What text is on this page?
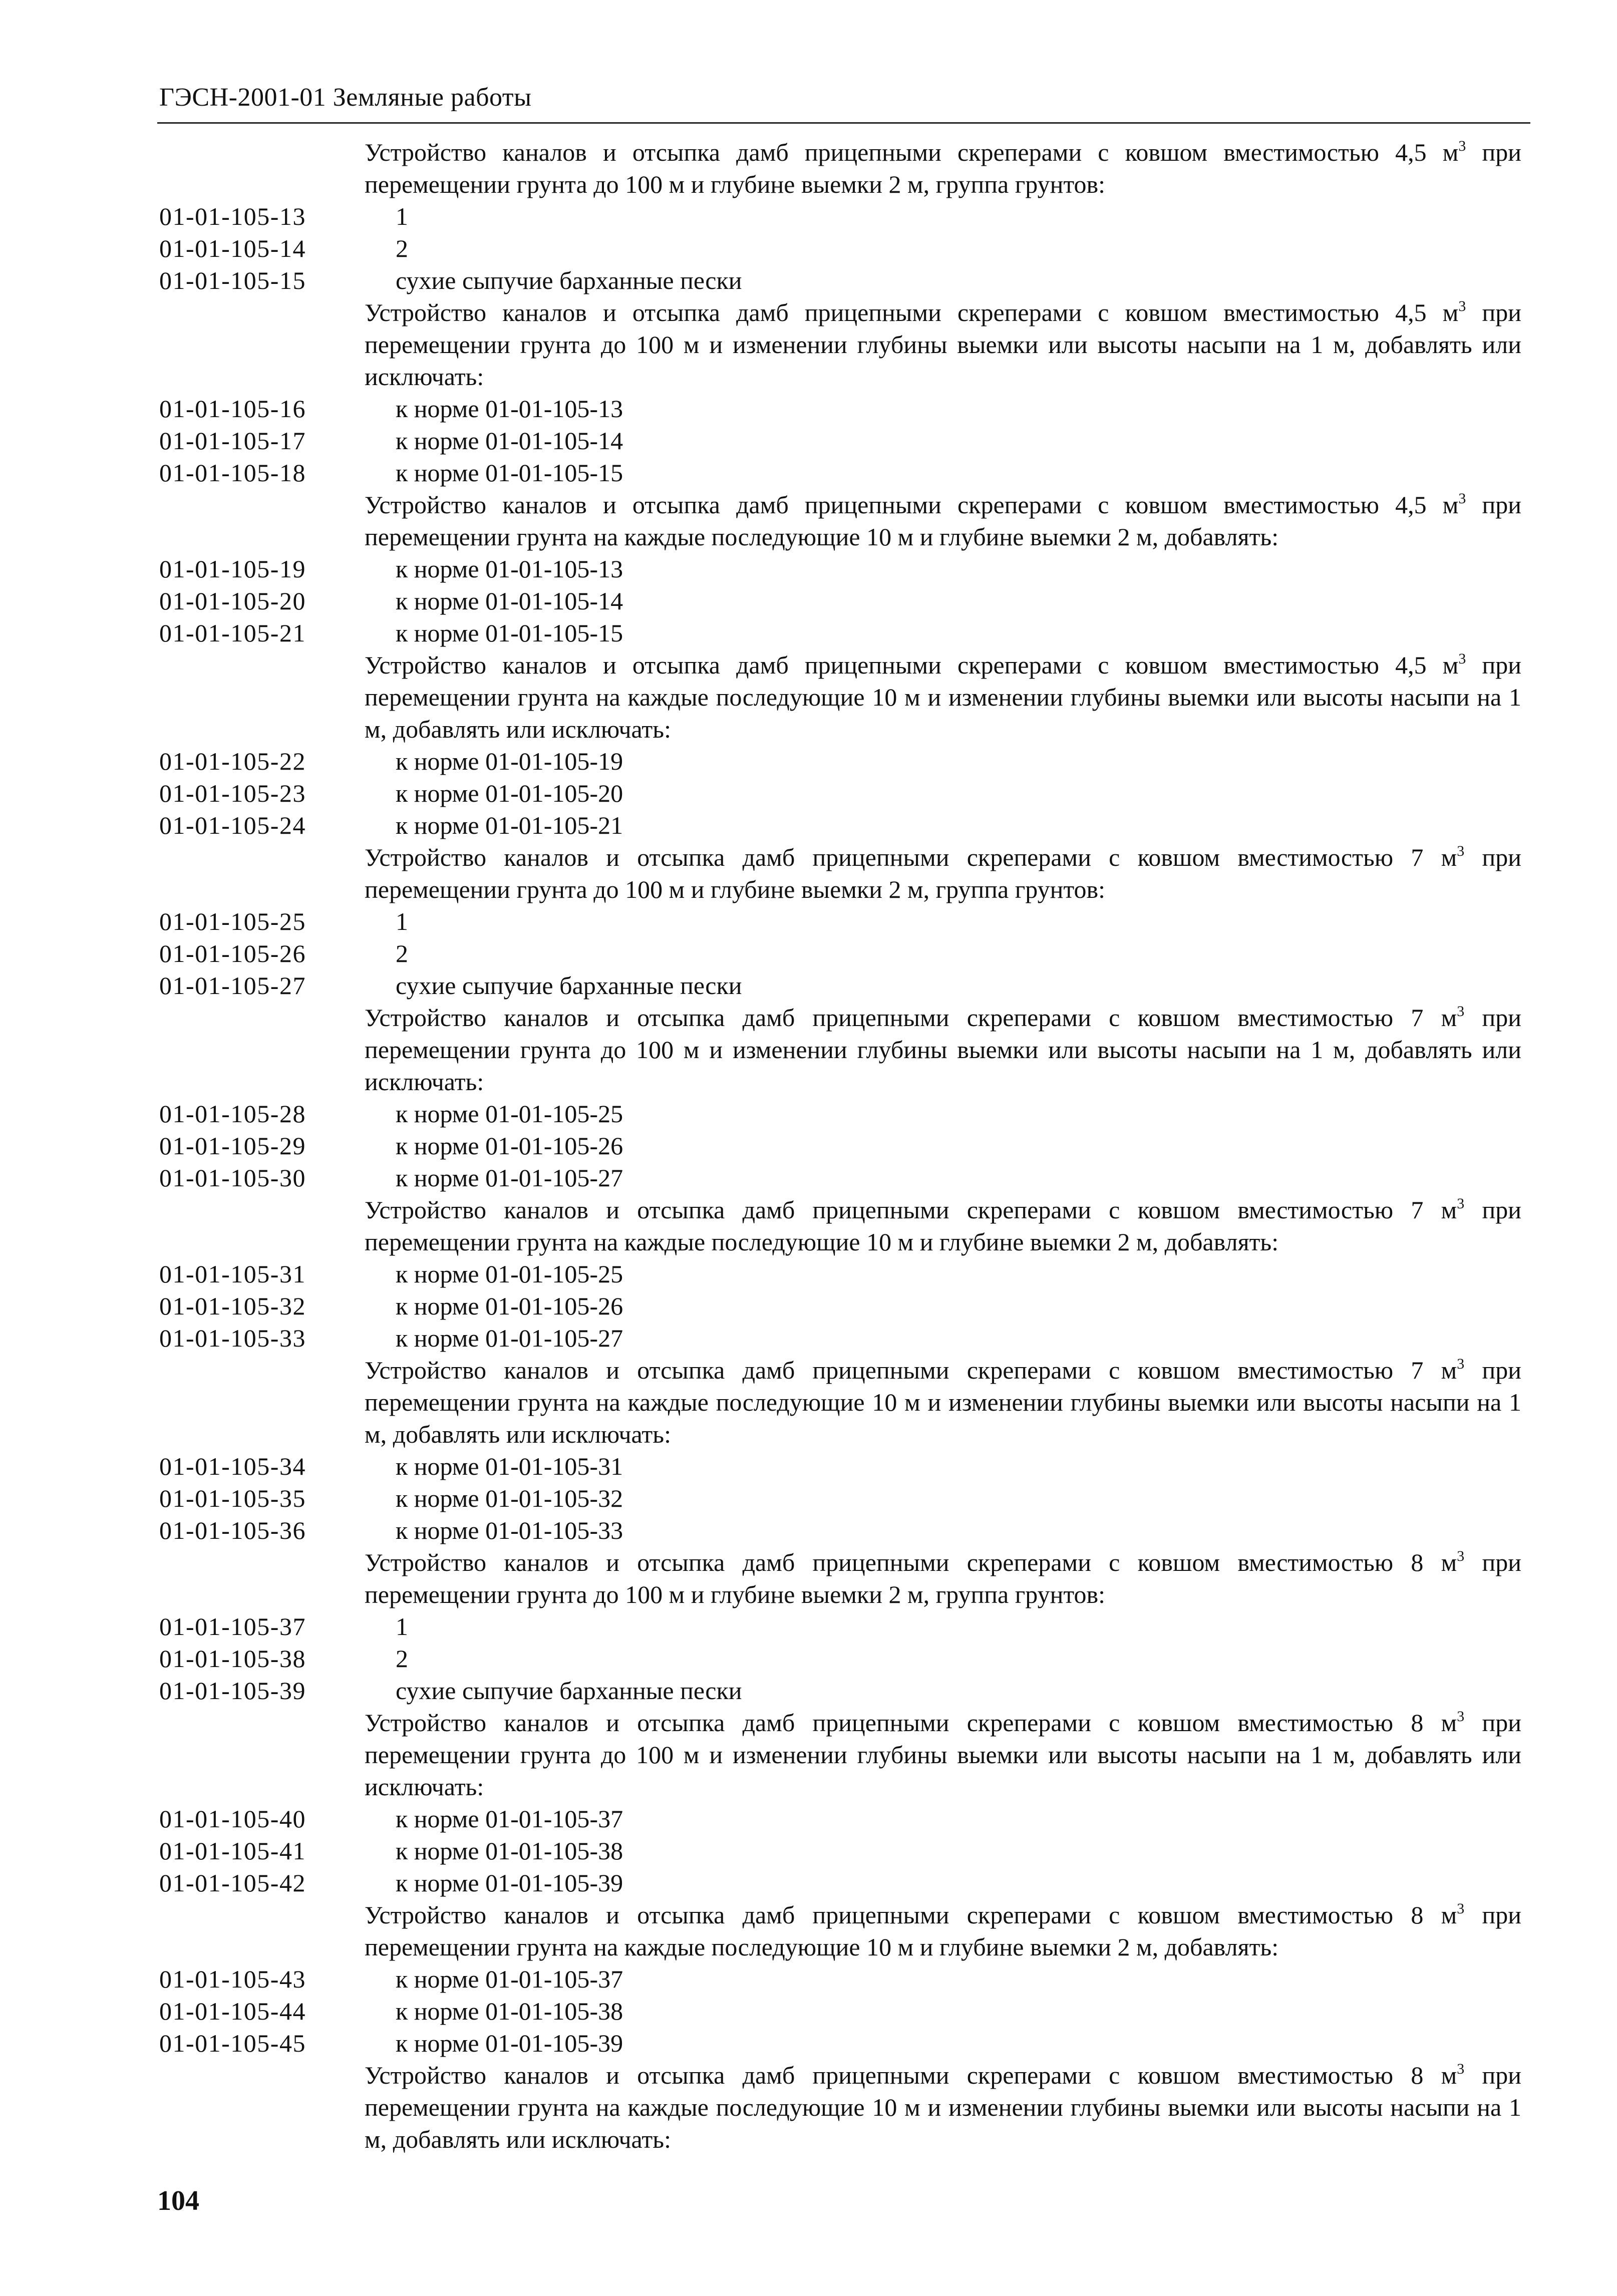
ГЭСН-2001-01 Земляные работы
Устройство каналов и отсыпка дамб прицепными скреперами с ковшом вместимостью 4,5 $м^3$ при перемещении грунта до 100 м и глубине выемки 2 м, группа грунтов:
01-01-105-13	1
01-01-105-14	2
01-01-105-15	сухие сыпучие барханные пески
Устройство каналов и отсыпка дамб прицепными скреперами с ковшом вместимостью 4,5 $м^3$ при перемещении грунта до 100 м и изменении глубины выемки или высоты насыпи на 1 м, добавлять или исключать:
01-01-105-16	к норме 01-01-105-13
01-01-105-17	к норме 01-01-105-14
01-01-105-18	к норме 01-01-105-15
Устройство каналов и отсыпка дамб прицепными скреперами с ковшом вместимостью 4,5 $м^3$ при перемещении грунта на каждые последующие 10 м и глубине выемки 2 м, добавлять:
01-01-105-19	к норме 01-01-105-13
01-01-105-20	к норме 01-01-105-14
01-01-105-21	к норме 01-01-105-15
Устройство каналов и отсыпка дамб прицепными скреперами с ковшом вместимостью 4,5 $м^3$ при перемещении грунта на каждые последующие 10 м и изменении глубины выемки или высоты насыпи на 1 м, добавлять или исключать:
01-01-105-22	к норме 01-01-105-19
01-01-105-23	к норме 01-01-105-20
01-01-105-24	к норме 01-01-105-21
Устройство каналов и отсыпка дамб прицепными скреперами с ковшом вместимостью 7 $м^3$ при перемещении грунта до 100 м и глубине выемки 2 м, группа грунтов:
01-01-105-25	1
01-01-105-26	2
01-01-105-27	сухие сыпучие барханные пески
Устройство каналов и отсыпка дамб прицепными скреперами с ковшом вместимостью 7 $м^3$ при перемещении грунта до 100 м и изменении глубины выемки или высоты насыпи на 1 м, добавлять или исключать:
01-01-105-28	к норме 01-01-105-25
01-01-105-29	к норме 01-01-105-26
01-01-105-30	к норме 01-01-105-27
Устройство каналов и отсыпка дамб прицепными скреперами с ковшом вместимостью 7 $м^3$ при перемещении грунта на каждые последующие 10 м и глубине выемки 2 м, добавлять:
01-01-105-31	к норме 01-01-105-25
01-01-105-32	к норме 01-01-105-26
01-01-105-33	к норме 01-01-105-27
Устройство каналов и отсыпка дамб прицепными скреперами с ковшом вместимостью 7 $м^3$ при перемещении грунта на каждые последующие 10 м и изменении глубины выемки или высоты насыпи на 1 м, добавлять или исключать:
01-01-105-34	к норме 01-01-105-31
01-01-105-35	к норме 01-01-105-32
01-01-105-36	к норме 01-01-105-33
Устройство каналов и отсыпка дамб прицепными скреперами с ковшом вместимостью 8 $м^3$ при перемещении грунта до 100 м и глубине выемки 2 м, группа грунтов:
01-01-105-37	1
01-01-105-38	2
01-01-105-39	сухие сыпучие барханные пески
Устройство каналов и отсыпка дамб прицепными скреперами с ковшом вместимостью 8 $м^3$ при перемещении грунта до 100 м и изменении глубины выемки или высоты насыпи на 1 м, добавлять или исключать:
01-01-105-40	к норме 01-01-105-37
01-01-105-41	к норме 01-01-105-38
01-01-105-42	к норме 01-01-105-39
Устройство каналов и отсыпка дамб прицепными скреперами с ковшом вместимостью 8 $м^3$ при перемещении грунта на каждые последующие 10 м и глубине выемки 2 м, добавлять:
01-01-105-43	к норме 01-01-105-37
01-01-105-44	к норме 01-01-105-38
01-01-105-45	к норме 01-01-105-39
Устройство каналов и отсыпка дамб прицепными скреперами с ковшом вместимостью 8 $м^3$ при перемещении грунта на каждые последующие 10 м и изменении глубины выемки или высоты насыпи на 1 м, добавлять или исключать:
104
